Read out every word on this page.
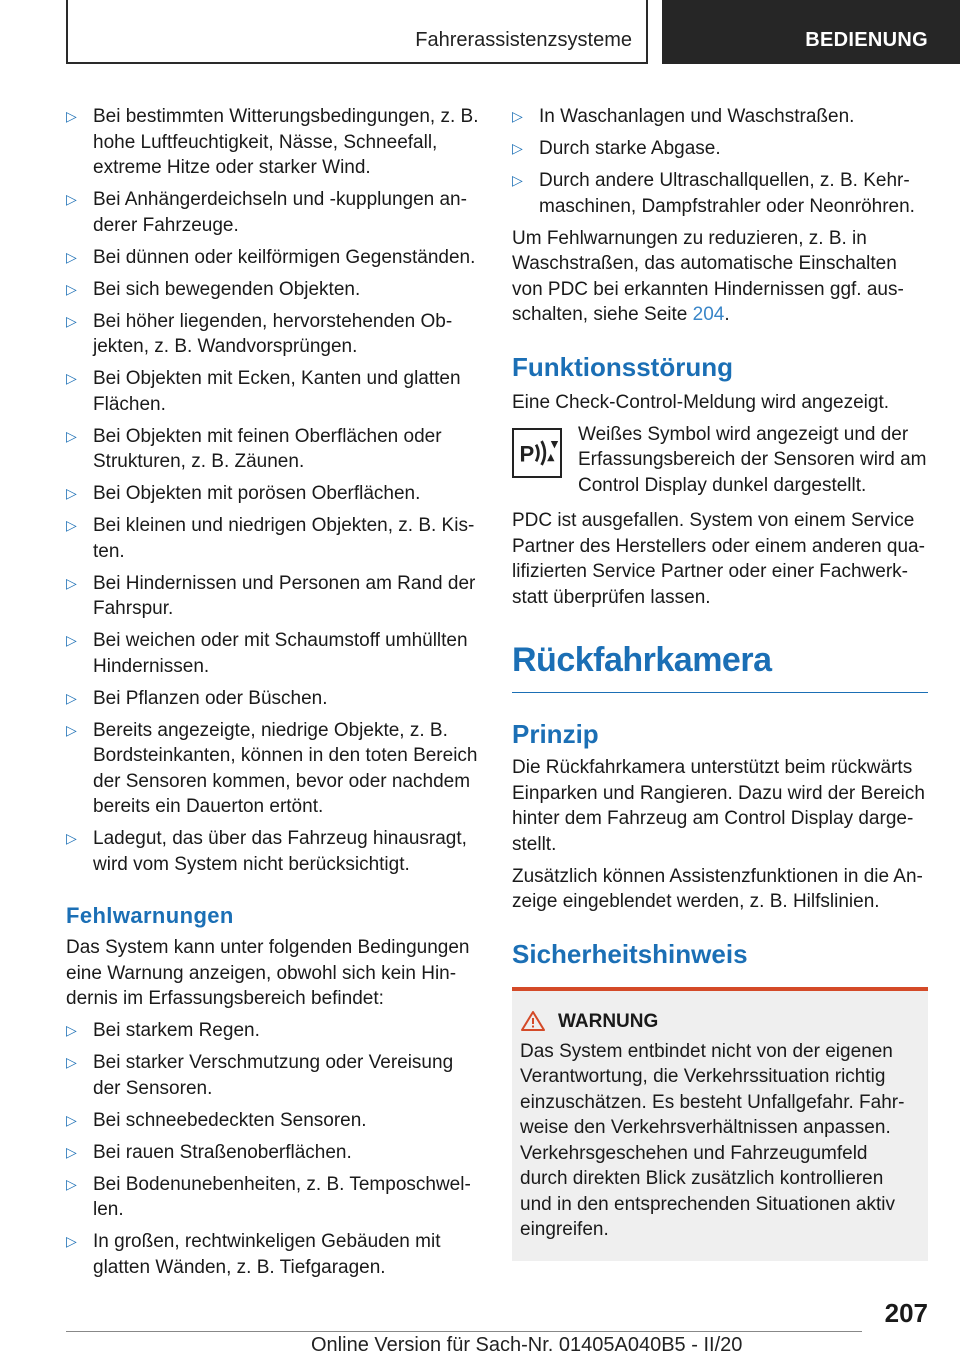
Fahrerassistenzsysteme	BEDIENUNG
▷ Bei bestimmten Witterungsbedingungen, z. B. hohe Luftfeuchtigkeit, Nässe, Schneefall, extreme Hitze oder starker Wind.
▷ Bei Anhängerdeichseln und -kupplungen anderer Fahrzeuge.
▷ Bei dünnen oder keilförmigen Gegenständen.
▷ Bei sich bewegenden Objekten.
▷ Bei höher liegenden, hervorstehenden Objekten, z. B. Wandvorsprüngen.
▷ Bei Objekten mit Ecken, Kanten und glatten Flächen.
▷ Bei Objekten mit feinen Oberflächen oder Strukturen, z. B. Zäunen.
▷ Bei Objekten mit porösen Oberflächen.
▷ Bei kleinen und niedrigen Objekten, z. B. Kisten.
▷ Bei Hindernissen und Personen am Rand der Fahrspur.
▷ Bei weichen oder mit Schaumstoff umhüllten Hindernissen.
▷ Bei Pflanzen oder Büschen.
▷ Bereits angezeigte, niedrige Objekte, z. B. Bordsteinkanten, können in den toten Bereich der Sensoren kommen, bevor oder nachdem bereits ein Dauerton ertönt.
▷ Ladegut, das über das Fahrzeug hinausragt, wird vom System nicht berücksichtigt.
Fehlwarnungen

Das System kann unter folgenden Bedingungen eine Warnung anzeigen, obwohl sich kein Hindernis im Erfassungsbereich befindet:

▷ Bei starkem Regen.
▷ Bei starker Verschmutzung oder Vereisung der Sensoren.
▷ Bei schneebedeckten Sensoren.
▷ Bei rauen Straßenoberflächen.
▷ Bei Bodenunebenheiten, z. B. Temposchwellen.
▷ In großen, rechtwinkeligen Gebäuden mit glatten Wänden, z. B. Tiefgaragen.
▷ In Waschanlagen und Waschstraßen.
▷ Durch starke Abgase.
▷ Durch andere Ultraschallquellen, z. B. Kehrmaschinen, Dampfstrahler oder Neonröhren.

Um Fehlwarnungen zu reduzieren, z. B. in Waschstraßen, das automatische Einschalten von PDC bei erkannten Hindernissen ggf. ausschalten, siehe Seite 204.

Funktionsstörung

Eine Check-Control-Meldung wird angezeigt.

P
Weißes Symbol wird angezeigt und der Erfassungsbereich der Sensoren wird am Control Display dunkel dargestellt.

PDC ist ausgefallen. System von einem Service Partner des Herstellers oder einem anderen qualifizierten Service Partner oder einer Fachwerkstatt überprüfen lassen.

Rückfahrkamera
Prinzip

Die Rückfahrkamera unterstützt beim rückwärts Einparken und Rangieren. Dazu wird der Bereich hinter dem Fahrzeug am Control Display dargestellt.

Zusätzlich können Assistenzfunktionen in die Anzeige eingeblendet werden, z. B. Hilfslinien.

Sicherheitshinweis
WARNUNG
Das System entbindet nicht von der eigenen Verantwortung, die Verkehrssituation richtig einzuschätzen. Es besteht Unfallgefahr. Fahrweise den Verkehrsverhältnissen anpassen. Verkehrsgeschehen und Fahrzeugumfeld durch direkten Blick zusätzlich kontrollieren und in den entsprechenden Situationen aktiv eingreifen.
207
Online Version für Sach-Nr. 01405A040B5 - II/20
